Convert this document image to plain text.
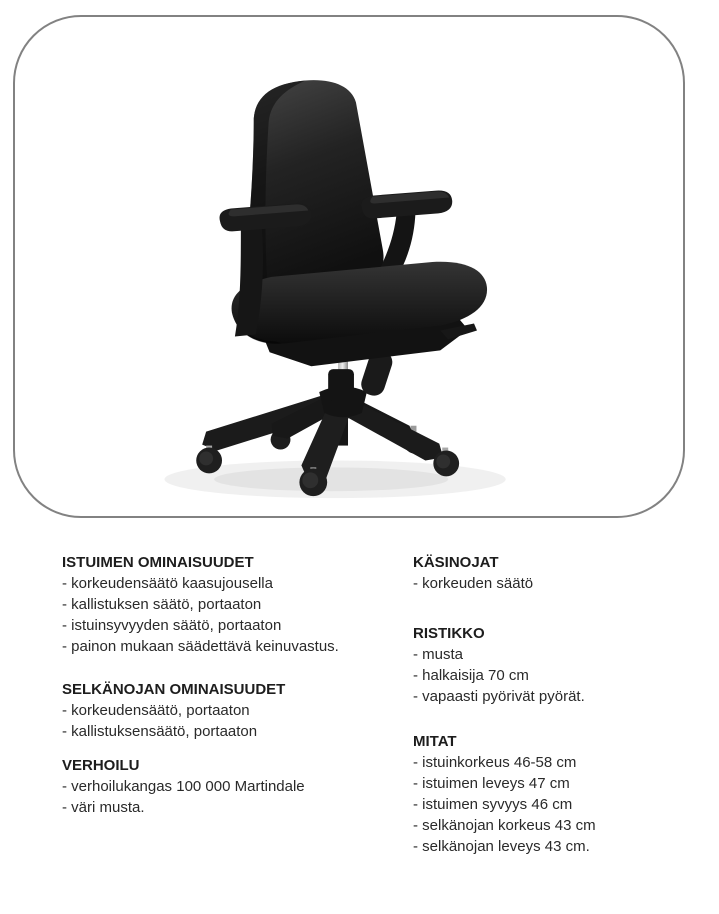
ISTUIMEN OMINAISUUDET
- korkeudensäätö kaasujousella
- kallistuksen säätö, portaaton
- istuinsyvyyden säätö, portaaton
- painon mukaan säädettävä keinuvastus.
SELKÄNOJAN OMINAISUUDET
- korkeudensäätö, portaaton
- kallistuksensäätö, portaaton
VERHOILU
- verhoilukangas 100 000 Martindale
- väri musta.
KÄSINOJAT
- korkeuden säätö
RISTIKKO
- musta
- halkaisija 70 cm
- vapaasti pyörivät pyörät.
MITAT
- istuinkorkeus 46-58 cm
- istuimen leveys 47 cm
- istuimen syvyys 46 cm
- selkänojan korkeus 43 cm
- selkänojan leveys 43 cm.
